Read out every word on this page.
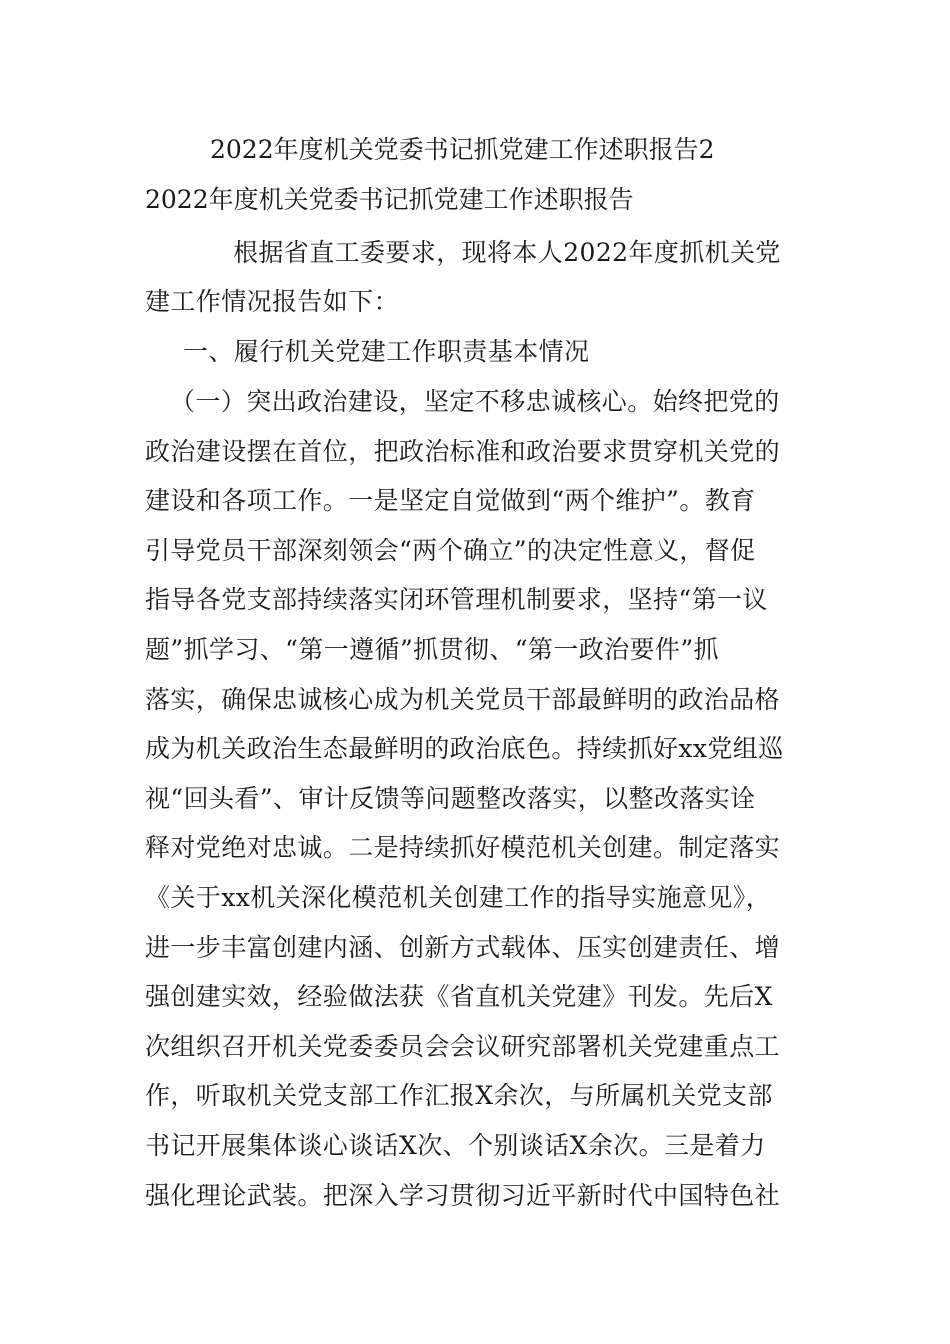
2022年度机关党委书记抓党建工作述职报告2
2022年度机关党委书记抓党建工作述职报告

根据省直工委要求，现将本人2022年度抓机关党

建工作情况报告如下：

一、履行机关党建工作职责基本情况

（一）突出政治建设，坚定不移忠诚核心。始终把党的

政治建设摆在首位，把政治标准和政治要求贯穿机关党的

建设和各项工作。一是坚定自觉做到“两个维护”。教育

引导党员干部深刻领会“两个确立”的决定性意义，督促

指导各党支部持续落实闭环管理机制要求，坚持“第一议

题”抓学习、“第一遵循”抓贯彻、“第一政治要件”抓

落实，确保忠诚核心成为机关党员干部最鲜明的政治品格

成为机关政治生态最鲜明的政治底色。持续抓好xx党组巡

视“回头看”、审计反馈等问题整改落实，以整改落实诠

释对党绝对忠诚。二是持续抓好模范机关创建。制定落实

《关于xx机关深化模范机关创建工作的指导实施意见》，

进一步丰富创建内涵、创新方式载体、压实创建责任、增

强创建实效，经验做法获《省直机关党建》刊发。先后X

次组织召开机关党委委员会会议研究部署机关党建重点工

作，听取机关党支部工作汇报X余次，与所属机关党支部

书记开展集体谈心谈话X次、个别谈话X余次。三是着力

强化理论武装。把深入学习贯彻习近平新时代中国特色社
